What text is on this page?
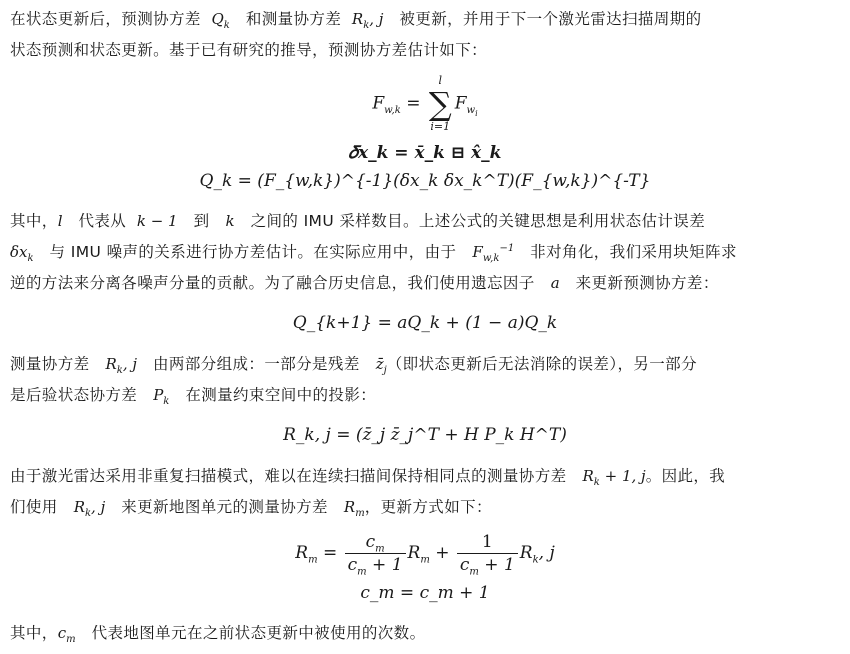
在状态更新后，预测协方差 $Q_k$ 和测量协方差 $R_k$, j 被更新，并用于下一个激光雷达扫描周期的
状态预测和状态更新。基于已有研究的推导，预测协方差估计如下：
$F_{w,k}$ =
l
∑
i=1
$F_{w_i}$
𝛿x_k = x̄_k ⊟ x̂_k
Q_k = (F_{w,k})^{-1}(𝛿x_k 𝛿x_k^T)(F_{w,k})^{-T}
其中，l 代表从 k − 1 到 k 之间的 IMU 采样数目。上述公式的关键思想是利用状态估计误差
𝛿x$_k$ 与 IMU 噪声的关系进行协方差估计。在实际应用中，由于 $F_{w,k}^{-1}$ 非对角化，我们采用块矩阵求
逆的方法来分离各噪声分量的贡献。为了融合历史信息，我们使用遗忘因子 a 来更新预测协方差：
Q_{k+1} = aQ_k + (1 − a)Q_k
测量协方差 $R_k$, j 由两部分组成：一部分是残差 $z̄_j$（即状态更新后无法消除的误差），另一部分
是后验状态协方差 $P_k$ 在测量约束空间中的投影：
R_k, j = (z̄_j z̄_j^T + H P_k H^T)
由于激光雷达采用非重复扫描模式，难以在连续扫描间保持相同点的测量协方差 $R_k + 1$, j。因此，我
们使用 $R_k$, j 来更新地图单元的测量协方差 $R_m$，更新方式如下：
$R_m = \frac{c_m}{c_m + 1} R_m + \frac{1}{c_m + 1} R_k$, j
c_m = c_m + 1
其中，$c_m$ 代表地图单元在之前状态更新中被使用的次数。
